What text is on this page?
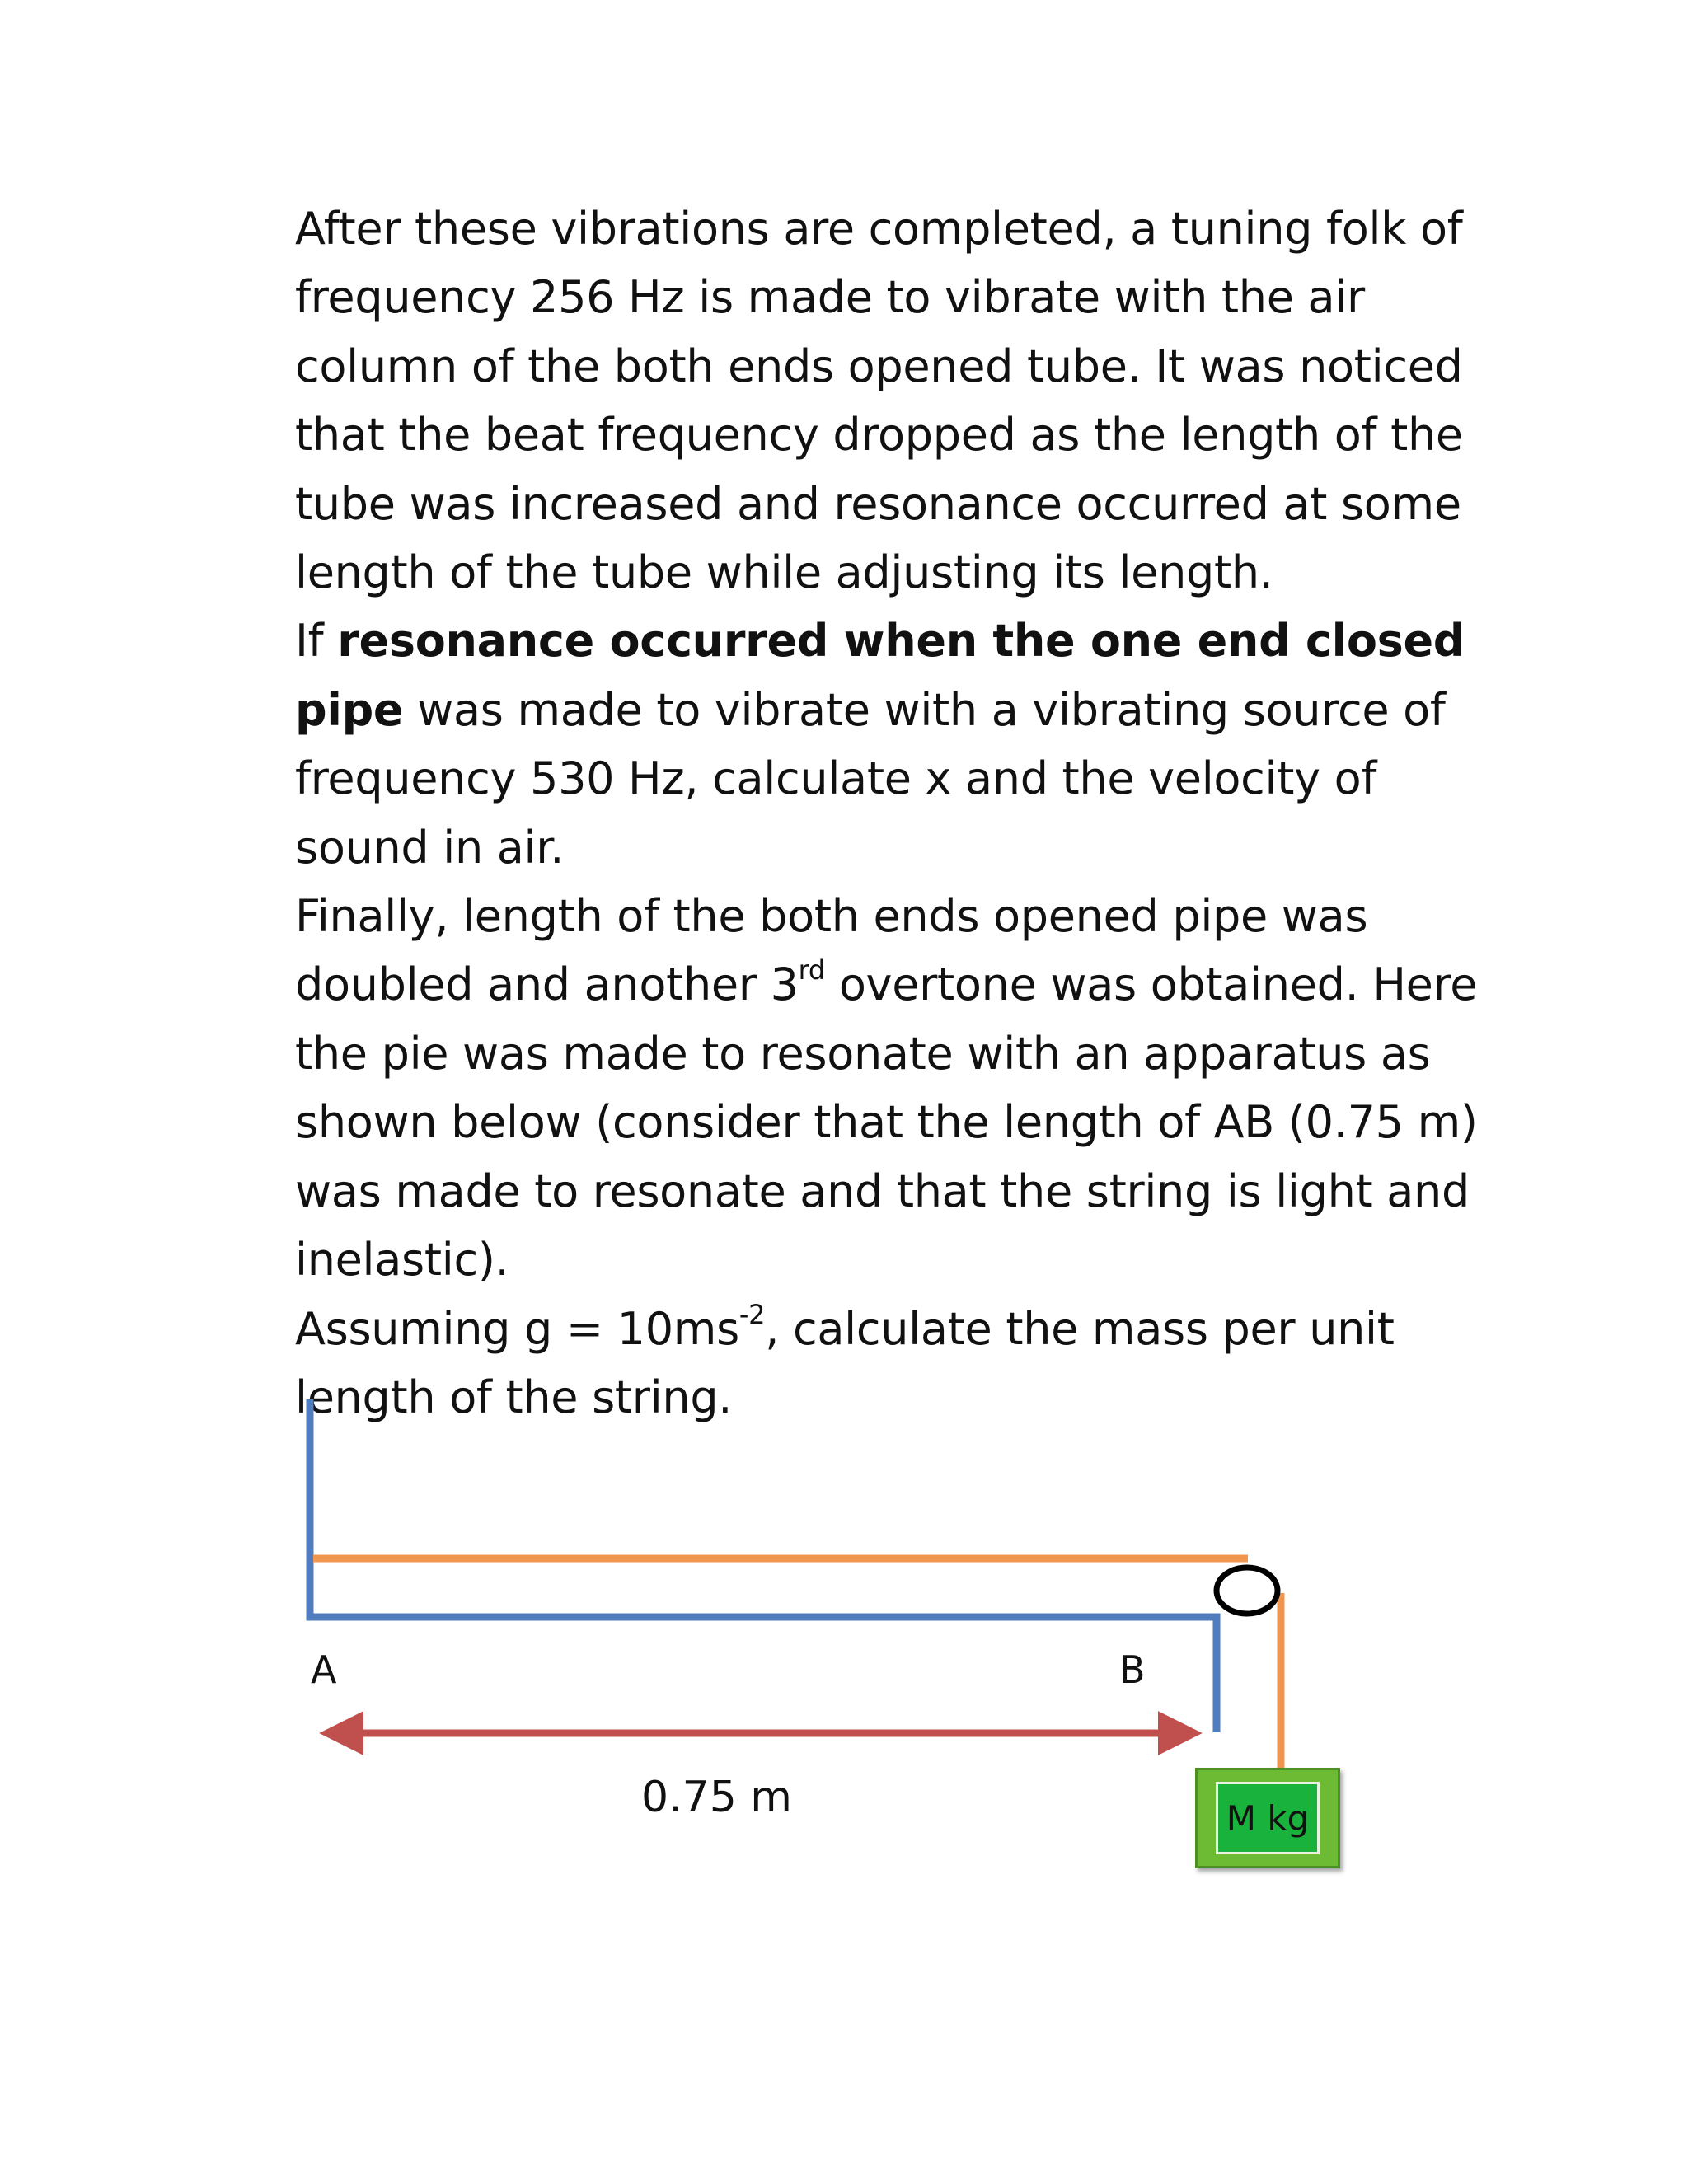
After these vibrations are completed, a tuning folk of frequency 256 Hz is made to vibrate with the air column of the both ends opened tube. It was noticed that the beat frequency dropped as the length of the tube was increased and resonance occurred at some length of the tube while adjusting its length.

If resonance occurred when the one end closed pipe was made to vibrate with a vibrating source of frequency 530 Hz, calculate x and the velocity of sound in air.

Finally, length of the both ends opened pipe was doubled and another 3rd overtone was obtained. Here the pie was made to resonate with an apparatus as shown below (consider that the length of AB (0.75 m) was made to resonate and that the string is light and inelastic).

Assuming $g = 10ms^{-2}$, calculate the mass per unit length of the string.

A	B
0.75 m	M kg
